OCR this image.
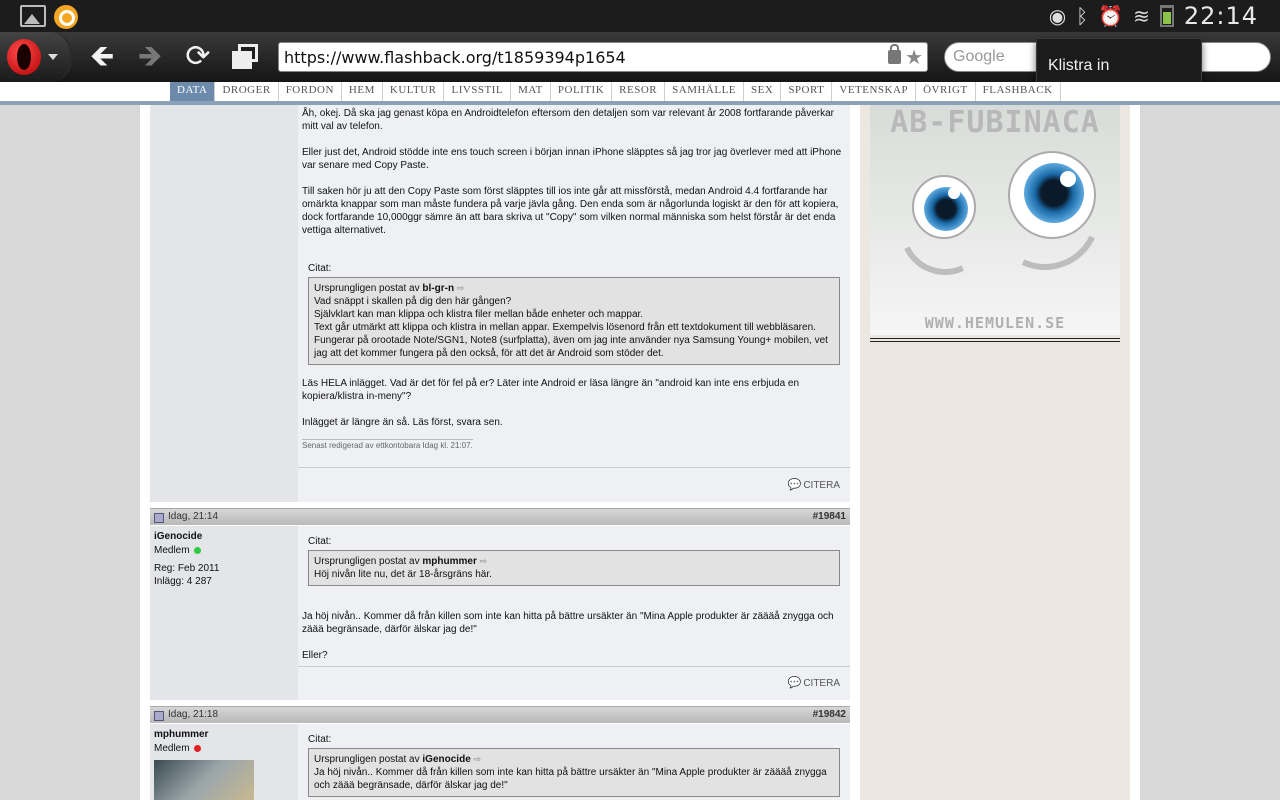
◉ ᛒ ⏰ ≋ 22:14
🡸 🡺 ⟳	https://www.flashback.org/t1859394p1654	★ Google
Klistra in
DATA	DROGER	FORDON	HEM	KULTUR	LIVSSTIL	MAT	POLITIK	RESOR	SAMHÄLLE	SEX	SPORT	VETENSKAP	ÖVRIGT	FLASHBACK

Åh, okej. Då ska jag genast köpa en Androidtelefon eftersom den detaljen som var relevant år 2008 fortfarande påverkar mitt val av telefon.

Eller just det, Android stödde inte ens touch screen i början innan iPhone släpptes så jag tror jag överlever med att iPhone var senare med Copy Paste.

Till saken hör ju att den Copy Paste som först släpptes till ios inte går att missförstå, medan Android 4.4 fortfarande har omärkta knappar som man måste fundera på varje jävla gång. Den enda som är någorlunda logiskt är den för att kopiera, dock fortfarande 10,000ggr sämre än att bara skriva ut "Copy" som vilken normal människa som helst förstår är det enda vettiga alternativet.

Citat:
Ursprungligen postat av bl-gr-n ⇨
Vad snäppt i skallen på dig den här gången?
Självklart kan man klippa och klistra filer mellan både enheter och mappar.
Text går utmärkt att klippa och klistra in mellan appar. Exempelvis lösenord från ett textdokument till webbläsaren.
Fungerar på orootade Note/SGN1, Note8 (surfplatta), även om jag inte använder nya Samsung Young+ mobilen, vet jag att det kommer fungera på den också, för att det är Android som stöder det.

Läs HELA inlägget. Vad är det för fel på er? Läter inte Android er läsa längre än "android kan inte ens erbjuda en kopiera/klistra in-meny"?

Inlägget är längre än så. Läs först, svara sen.

Senast redigerad av ettkontobara Idag kl. 21:07.
💬 CITERA
Idag, 21:14	#19841
iGenocide
Medlem
Reg: Feb 2011
Inlägg: 4 287
Citat:
Ursprungligen postat av mphummer ⇨
Höj nivån lite nu, det är 18-årsgräns här.

Ja höj nivån.. Kommer då från killen som inte kan hitta på bättre ursäkter än "Mina Apple produkter är zäääå znygga och zäää begränsade, därför älskar jag de!"

Eller?

💬 CITERA
Idag, 21:18	#19842
mphummer
Medlem
Citat:
Ursprungligen postat av iGenocide ⇨
Ja höj nivån.. Kommer då från killen som inte kan hitta på bättre ursäkter än "Mina Apple produkter är zäääå znygga och zäää begränsade, därför älskar jag de!"
AB-FUBINACA
WWW.HEMULEN.SE
